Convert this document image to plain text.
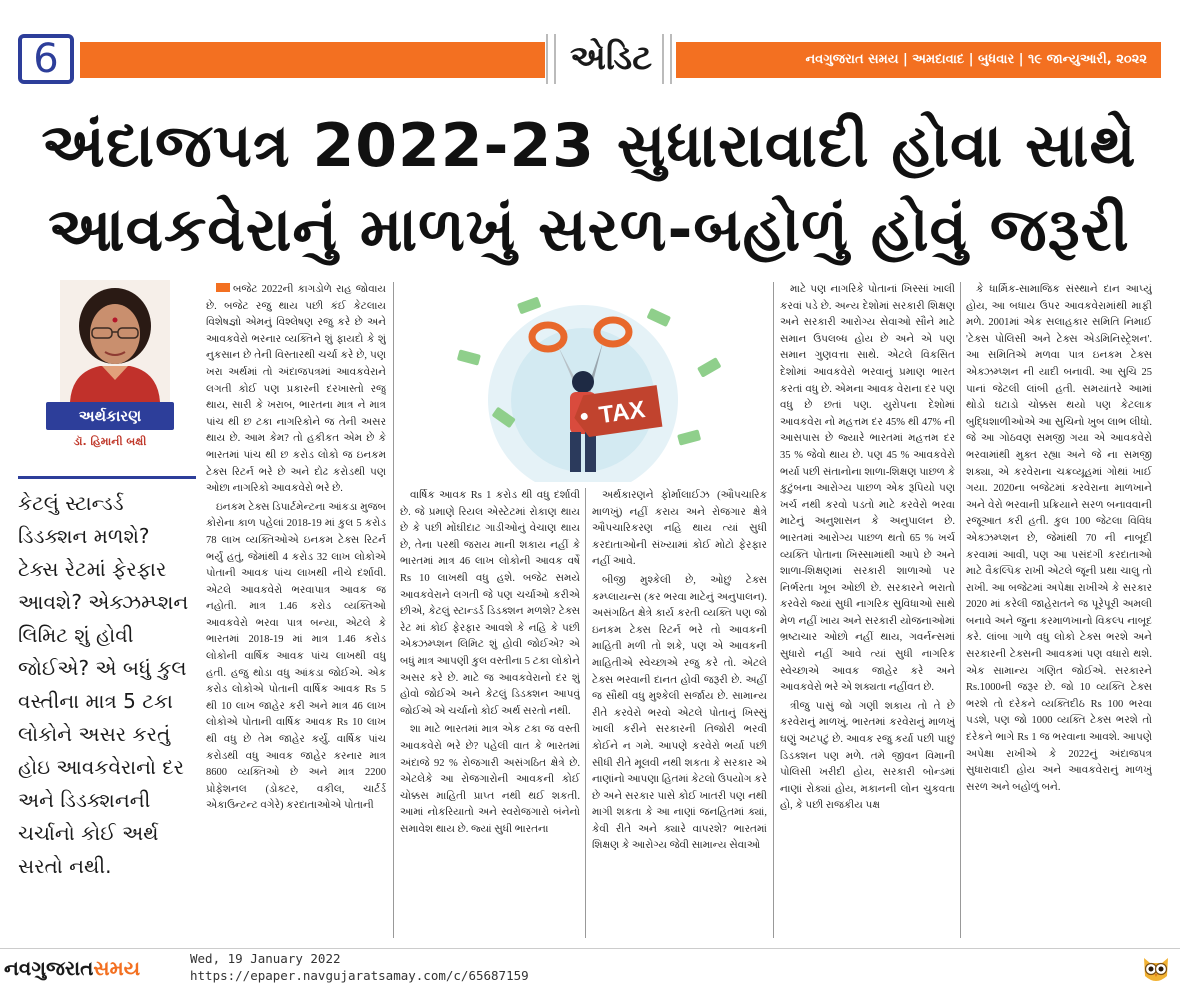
6	એડિટ	નવગુજરાત સમય | અમદાવાદ | બુધવાર | ૧૯ જાન્યુઆરી, ૨૦૨૨
અંદાજપત્ર 2022-23 સુધારાવાદી હોવા સાથે
આવકવેરાનું માળખું સરળ-બહોળું હોવું જરૂરી
અર્થકારણ
ડૉ. હિમાની બક્ષી
કેટલું સ્ટાન્ડર્ડ ડિડક્શન મળશે? ટેક્સ રેટમાં ફેરફાર આવશે? એક્ઝમ્પ્શન લિમિટ શું હોવી જોઈએ? એ બધું કુલ વસ્તીના માત્ર 5 ટકા લોકોને અસર કરતું હોઇ આવકવેરાનો દર અને ડિડક્શનની ચર્ચાનો કોઈ અર્થ સરતો નથી.
TAX

બજેટ 2022ની કાગડોળે રાહ જોવાય છે. બજેટ રજુ થાય પછી કંઈ કેટલાય વિશેષજ્ઞો એમનું વિશ્લેષણ રજુ કરે છે અને આવકવેરો ભરનાર વ્યક્તિને શું ફાયદો કે શું નુકસાન છે તેની વિસ્તારથી ચર્ચા કરે છે, પણ ખરા અર્થમાં તો અંદાજપત્રમાં આવકવેરાને લગતી કોઈ પણ પ્રકારની દરખાસ્તો રજુ થાય, સારી કે ખરાબ, ભારતના માત્ર ને માત્ર પાંચ થી છ ટકા નાગરિકોને જ તેની અસર થાય છે. આમ કેમ? તો હકીકત એમ છે કે ભારતમાં પાંચ થી છ કરોડ લોકો જ ઇનકમ ટેક્સ રિટર્ન ભરે છે અને દોઢ કરોડથી પણ ઓછા નાગરિકો આવકવેરો ભરે છે.

ઇનકમ ટેક્સ ડિપાર્ટમેન્ટના આંકડા મુજબ કોરોના કાળ પહેલાં 2018-19 માં કુલ 5 કરોડ 78 લાખ વ્યક્તિઓએ ઇનકમ ટેક્સ રિટર્ન ભર્યું હતું, જેમાંથી 4 કરોડ 32 લાખ લોકોએ પોતાની આવક પાંચ લાખથી નીચે દર્શાવી. એટલે આવકવેરો ભરવાપાત્ર આવક જ નહોતી. માત્ર 1.46 કરોડ વ્યક્તિઓ આવકવેરો ભરવા પાત્ર બન્યા, એટલે કે ભારતમાં 2018-19 માં માત્ર 1.46 કરોડ લોકોની વાર્ષિક આવક પાંચ લાખથી વધુ હતી. હજુ થોડા વધુ આંકડા જોઈએ. એક કરોડ લોકોએ પોતાની વાર્ષિક આવક Rs 5 થી 10 લાખ જાહેર કરી અને માત્ર 46 લાખ લોકોએ પોતાની વાર્ષિક આવક Rs 10 લાખ થી વધુ છે તેમ જાહેર કર્યું. વાર્ષિક પાંચ કરોડથી વધુ આવક જાહેર કરનાર માત્ર 8600 વ્યક્તિઓ છે અને માત્ર 2200 પ્રોફેશનલ (ડોક્ટર, વકીલ, ચાર્ટર્ડ એકાઉન્ટન્ટ વગેરે) કરદાતાઓએ પોતાની

વાર્ષિક આવક Rs 1 કરોડ થી વધુ દર્શાવી છે. જે પ્રમાણે રિયલ એસ્ટેટમાં રોકાણ થાય છે કે પછી મોંઘીદાટ ગાડીઓનું વેચાણ થાય છે, તેના પરથી જરાય માની શકાય નહીં કે ભારતમાં માત્ર 46 લાખ લોકોની આવક વર્ષે Rs 10 લાખથી વધુ હશે. બજેટ સમયે આવકવેરાને લગતી જે પણ ચર્ચાઓ કરીએ છીએ, કેટલું સ્ટાન્ડર્ડ ડિડક્શન મળશે? ટેક્સ રેટ માં કોઈ ફેરફાર આવશે કે નહિ કે પછી એક્ઝમ્પ્શન લિમિટ શું હોવી જોઈએ? એ બધું માત્ર આપણી કુલ વસ્તીના 5 ટકા લોકોને અસર કરે છે. માટે જ આવકવેરાનો દર શું હોવો જોઈએ અને કેટલું ડિડક્શન આપવું જોઈએ એ ચર્ચાનો કોઈ અર્થ સરતો નથી.

શા માટે ભારતમાં માત્ર એક ટકા જ વસ્તી આવકવેરો ભરે છે? પહેલી વાત કે ભારતમાં અંદાજે 92 % રોજગારી અસંગઠિત ક્ષેત્રે છે. એટલેકે આ રોજગારોની આવકની કોઈ ચોક્કસ માહિતી પ્રાપ્ત નથી થઈ શકતી. આમાં નોકરિયાતો અને સ્વરોજગારો બંનેનો સમાવેશ થાય છે. જ્યાં સુધી ભારતના

અર્થકારણને ફોર્માલાઈઝ (ઔપચારિક માળખું) નહીં કરાય અને રોજગાર ક્ષેત્રે ઔપચારિકરણ નહિ થાય ત્યાં સુધી કરદાતાઓની સંખ્યામાં કોઈ મોટો ફેરફાર નહીં આવે.

બીજી મુશ્કેલી છે, ઓછું ટેક્સ કમ્પ્લાયન્સ (કર ભરવા માટેનું અનુપાલન). અસંગઠિત ક્ષેત્રે કાર્ય કરતી વ્યક્તિ પણ જો ઇનકમ ટેક્સ રિટર્ન ભરે તો આવકની માહિતી મળી તો શકે, પણ એ આવકની માહિતીએ સ્વેચ્છાએ રજુ કરે તો. એટલે ટેક્સ ભરવાની દાનત હોવી જરૂરી છે. અહીં જ સૌથી વધુ મુશ્કેલી સર્જાય છે. સામાન્ય રીતે કરવેરો ભરવો એટલે પોતાનું ખિસ્સું ખાલી કરીને સરકારની તિજોરી ભરવી કોઈને ન ગમે. આપણે કરવેરો ભર્યા પછી સીધી રીતે મૂલવી નથી શકતા કે સરકાર એ નાણાંનો આપણા હિતમાં કેટલો ઉપયોગ કરે છે અને સરકાર પાસે કોઈ ખાતરી પણ નથી માગી શકતા કે આ નાણાં જનહિતમાં ક્યાં, કેવી રીતે અને ક્યારે વાપરશે? ભારતમાં શિક્ષણ કે આરોગ્ય જેવી સામાન્ય સેવાઓ

માટે પણ નાગરિકે પોતાનાં ખિસ્સાં ખાલી કરવાં પડે છે. અન્ય દેશોમાં સરકારી શિક્ષણ અને સરકારી આરોગ્ય સેવાઓ સૌને માટે સમાન ઉપલબ્ધ હોય છે અને એ પણ સમાન ગુણવત્તા સાથે. એટલે વિકસિત દેશોમાં આવકવેરો ભરવાનું પ્રમાણ ભારત કરતાં વધુ છે. એમના આવક વેરાના દર પણ વધુ છે છતાં પણ. યુરોપના દેશોમાં આવકવેરા નો મહત્તમ દર 45% થી 47% ની આસપાસ છે જ્યારે ભારતમાં મહત્તમ દર 35 % જેવો થાય છે. પણ 45 % આવકવેરો ભર્યા પછી સંતાનોના શાળા-શિક્ષણ પાછળ કે કુટુંબના આરોગ્ય પાછળ એક રૂપિયો પણ ખર્ચ નથી કરવો પડતો માટે કરવેરો ભરવા માટેનું અનુશાસન કે અનુપાલન છે. ભારતમાં આરોગ્ય પાછળ થતો 65 % ખર્ચ વ્યક્તિ પોતાના ખિસ્સામાંથી આપે છે અને શાળા-શિક્ષણમાં સરકારી શાળાઓ પર નિર્ભરતા ખૂબ ઓછી છે. સરકારને ભરાતો કરવેરો જ્યાં સુધી નાગરિક સુવિધાઓ સાથે મેળ નહીં ખાય અને સરકારી યોજનાઓમાં ભ્રષ્ટાચાર ઓછો નહીં થાય, ગવર્નન્સમાં સુધારો નહીં આવે ત્યાં સુધી નાગરિક સ્વેચ્છાએ આવક જાહેર કરે અને આવકવેરો ભરે એ શક્યતા નહીંવત છે.

ત્રીજુ પાસું જો ગણી શકાય તો તે છે કરવેરાનું માળખું. ભારતમાં કરવેરાનું માળખું ઘણું અટપટું છે. આવક રજુ કર્યા પછી પાછું ડિડક્શન પણ મળે. તમે જીવન વિમાની પોલિસી ખરીદી હોય, સરકારી બોન્ડમાં નાણાં રોક્યાં હોય, મકાનની લોન ચુકવતા હો, કે પછી રાજકીય પક્ષ

કે ધાર્મિક-સામાજિક સંસ્થાને દાન આપ્યું હોય, આ બધાય ઉપર આવકવેરામાંથી માફી મળે. 2001માં એક સલાહકાર સમિતિ નિમાઈ 'ટેક્સ પોલિસી અને ટેક્સ એડમિનિસ્ટ્રેશન'. આ સમિતિએ મળવા પાત્ર ઇનકમ ટેક્સ એક્ઝમ્પ્શન ની યાદી બનાવી. આ સુચિ 25 પાનાં જેટલી લાંબી હતી. સમયાંતરે આમાં થોડો ઘટાડો ચોક્કસ થયો પણ કેટલાક બુદ્ધિશાળીઓએ આ સુચિનો ખુબ લાભ લીધો. જે આ ગોઠવણ સમજી ગયા એ આવકવેરો ભરવામાંથી મુક્ત રહ્યા અને જે ના સમજી શક્યા, એ કરવેરાના ચક્રવ્યૂહમાં ગોથાં ખાઈ ગયા. 2020ના બજેટમાં કરવેરાના માળખાને અને વેરો ભરવાની પ્રક્રિયાને સરળ બનાવવાની રજૂઆત કરી હતી. કુલ 100 જેટલા વિવિધ એક્ઝમ્પ્શન છે, જેમાંથી 70 ની નાબૂદી કરવામાં આવી, પણ આ પસંદગી કરદાતાઓ માટે વૈકલ્પિક રાખી એટલે જૂની પ્રથા ચાલુ તો રાખી. આ બજેટમાં અપેક્ષા રાખીએ કે સરકાર 2020 માં કરેલી જાહેરાતને જ પૂરેપૂરી અમલી બનાવે અને જુના કરમાળખાનો વિકલ્પ નાબૂદ કરે. લાંબા ગાળે વધુ લોકો ટેક્સ ભરશે અને સરકારની ટેક્સની આવકમાં પણ વધારો થશે. એક સામાન્ય ગણિત જોઈએ. સરકારને Rs.1000ની જરૂર છે. જો 10 વ્યક્તિ ટેક્સ ભરશે તો દરેકને વ્યક્તિદીઠ Rs 100 ભરવા પડશે, પણ જો 1000 વ્યક્તિ ટેક્સ ભરશે તો દરેકને ભાગે Rs 1 જ ભરવાના આવશે. આપણે અપેક્ષા રાખીએ કે 2022નું અંદાજપત્ર સુધારાવાદી હોય અને આવકવેરાનું માળખું સરળ અને બહોળું બને.

નવગુજરાતસમય	Wed, 19 January 2022
https://epaper.navgujaratsamay.com/c/65687159
